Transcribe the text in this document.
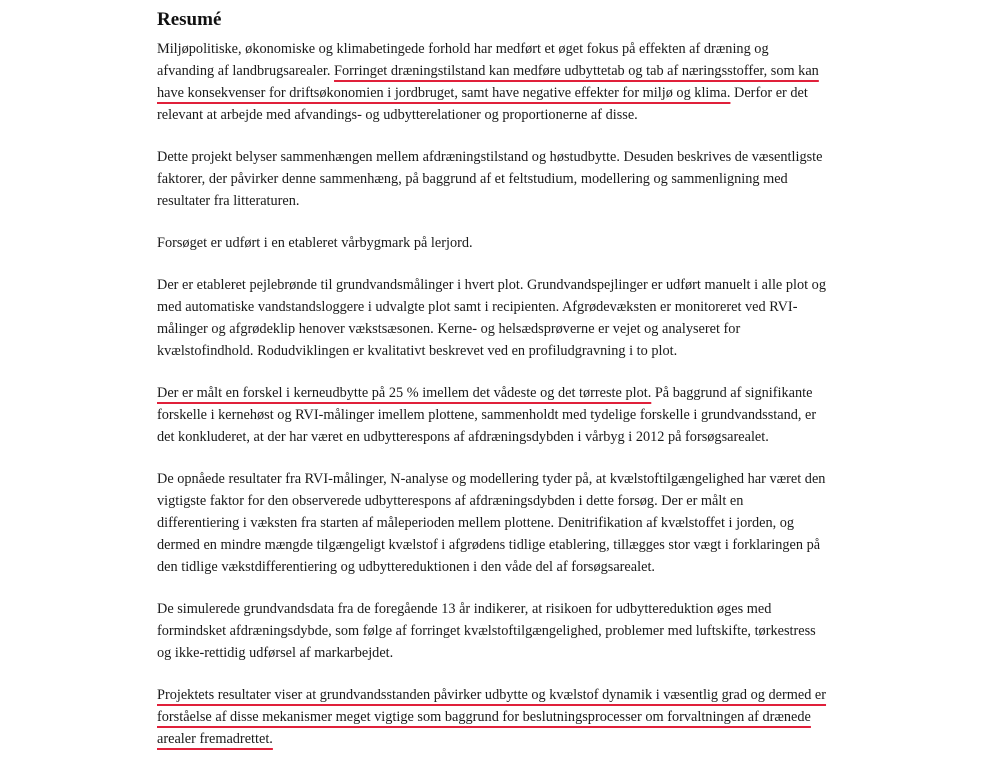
Resumé

Miljøpolitiske, økonomiske og klimabetingede forhold har medført et øget fokus på effekten af dræning og afvanding af landbrugsarealer. Forringet dræningstilstand kan medføre udbyttetab og tab af næringsstoffer, som kan have konsekvenser for driftsøkonomien i jordbruget, samt have negative effekter for miljø og klima. Derfor er det relevant at arbejde med afvandings- og udbytterelationer og proportionerne af disse.

Dette projekt belyser sammenhængen mellem afdræningstilstand og høstudbytte. Desuden beskrives de væsentligste faktorer, der påvirker denne sammenhæng, på baggrund af et feltstudium, modellering og sammenligning med resultater fra litteraturen.

Forsøget er udført i en etableret vårbygmark på lerjord.

Der er etableret pejlebrønde til grundvandsmålinger i hvert plot. Grundvandspejlinger er udført manuelt i alle plot og med automatiske vandstandsloggere i udvalgte plot samt i recipienten. Afgrødevæksten er monitoreret ved RVI-målinger og afgrødeklip henover vækstsæsonen. Kerne- og helsædsprøverne er vejet og analyseret for kvælstofindhold. Rodudviklingen er kvalitativt beskrevet ved en profiludgravning i to plot.

Der er målt en forskel i kerneudbytte på 25 % imellem det vådeste og det tørreste plot. På baggrund af signifikante forskelle i kernehøst og RVI-målinger imellem plottene, sammenholdt med tydelige forskelle i grundvandsstand, er det konkluderet, at der har været en udbytterespons af afdræningsdybden i vårbyg i 2012 på forsøgsarealet.

De opnåede resultater fra RVI-målinger, N-analyse og modellering tyder på, at kvælstoftilgængelighed har været den vigtigste faktor for den observerede udbytterespons af afdræningsdybden i dette forsøg. Der er målt en differentiering i væksten fra starten af måleperioden mellem plottene. Denitrifikation af kvælstoffet i jorden, og dermed en mindre mængde tilgængeligt kvælstof i afgrødens tidlige etablering, tillægges stor vægt i forklaringen på den tidlige vækstdifferentiering og udbyttereduktionen i den våde del af forsøgsarealet.

De simulerede grundvandsdata fra de foregående 13 år indikerer, at risikoen for udbyttereduktion øges med formindsket afdræningsdybde, som følge af forringet kvælstoftilgængelighed, problemer med luftskifte, tørkestress og ikke-rettidig udførsel af markarbejdet.

Projektets resultater viser at grundvandsstanden påvirker udbytte og kvælstof dynamik i væsentlig grad og dermed er forståelse af disse mekanismer meget vigtige som baggrund for beslutningsprocesser om forvaltningen af drænede arealer fremadrettet.
